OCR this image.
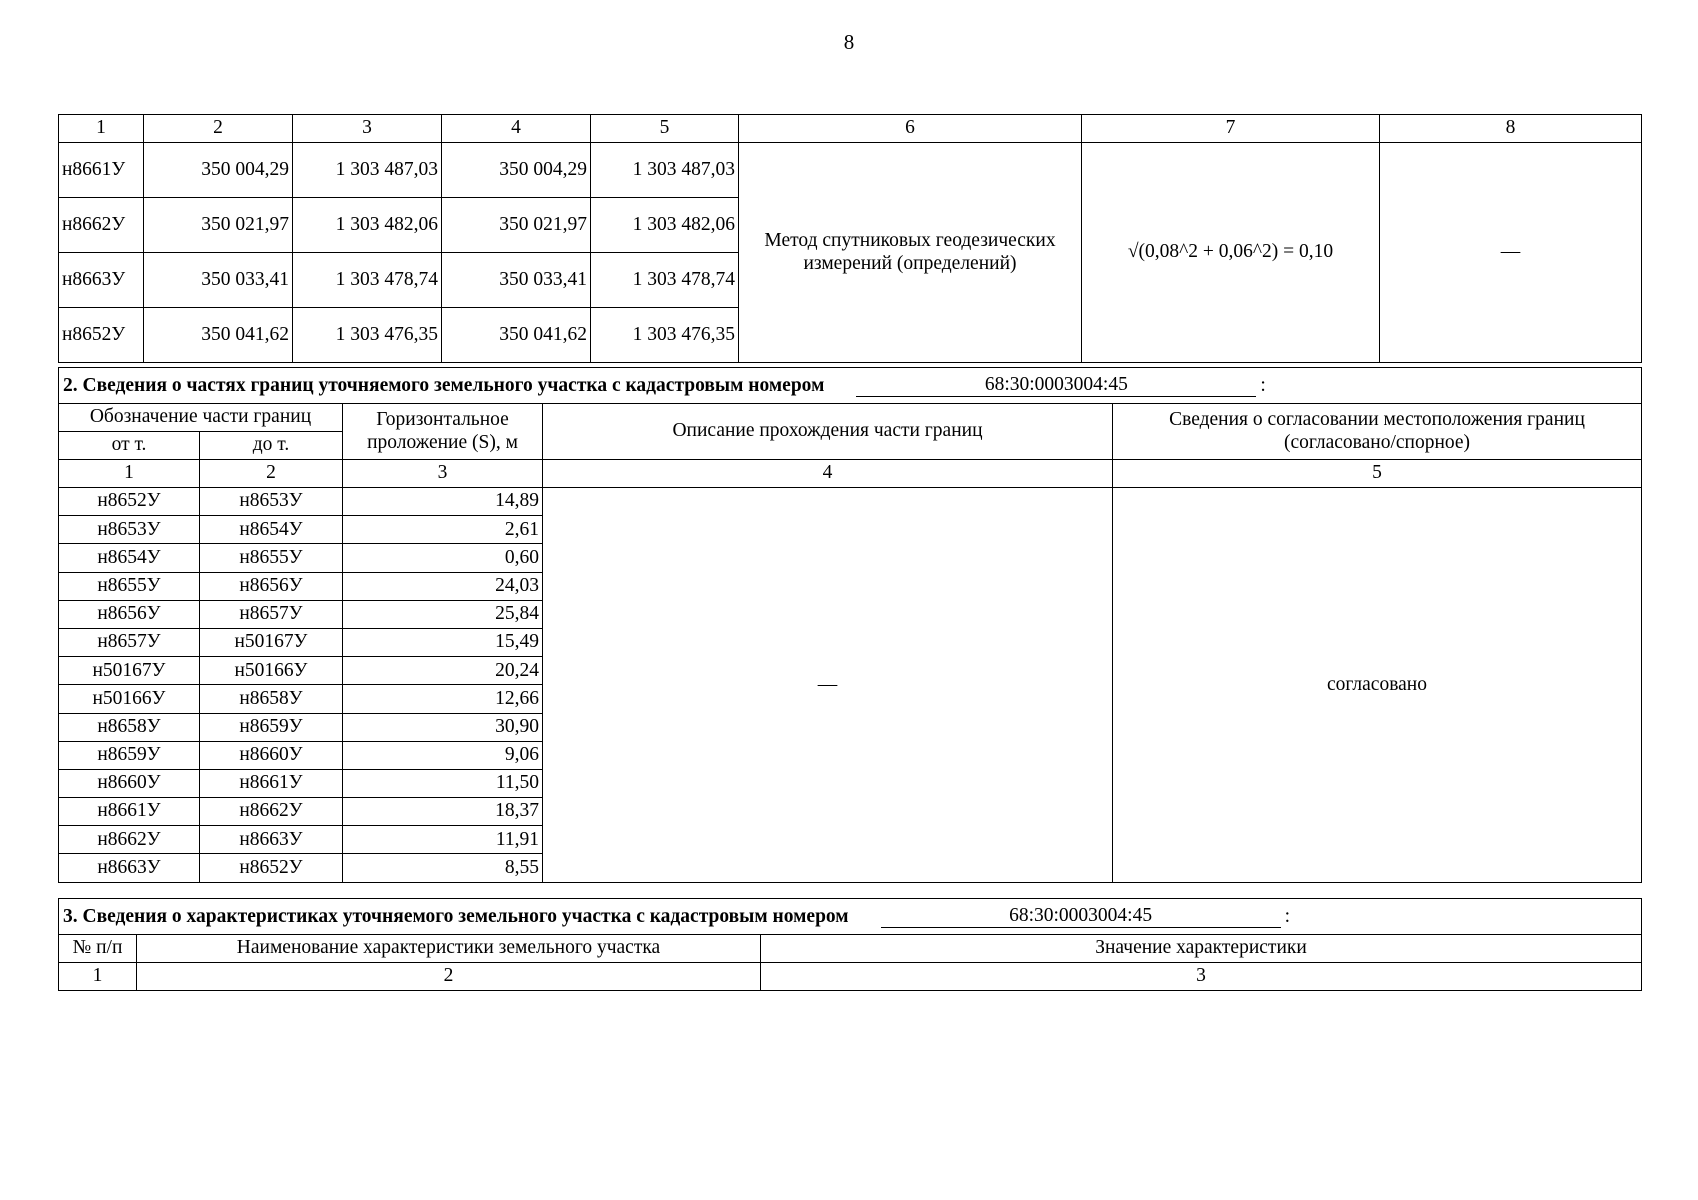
8
1	2	3	4	5	6	7	8
н8661У	350 004,29	1 303 487,03	350 004,29	1 303 487,03	Метод спутниковых геодезических измерений (определений)	√(0,08^2 + 0,06^2) = 0,10	—
н8662У	350 021,97	1 303 482,06	350 021,97	1 303 482,06			
н8663У	350 033,41	1 303 478,74	350 033,41	1 303 478,74			
н8652У	350 041,62	1 303 476,35	350 041,62	1 303 476,35			
2. Сведения о частях границ уточняемого земельного участка с кадастровым номером 68:30:0003004:45 :				
Обозначение части границ		Горизонтальное проложение (S), м	Описание прохождения части границ	Сведения о согласовании местоположения границ (согласовано/спорное)
от т.	до т.			
1	2	3	4	5
н8652У	н8653У	14,89	—	согласовано
н8653У	н8654У	2,61		
н8654У	н8655У	0,60		
н8655У	н8656У	24,03		
н8656У	н8657У	25,84		
н8657У	н50167У	15,49		
н50167У	н50166У	20,24		
н50166У	н8658У	12,66		
н8658У	н8659У	30,90		
н8659У	н8660У	9,06		
н8660У	н8661У	11,50		
н8661У	н8662У	18,37		
н8662У	н8663У	11,91		
н8663У	н8652У	8,55		
3. Сведения о характеристиках уточняемого земельного участка с кадастровым номером 68:30:0003004:45 :		
№ п/п	Наименование характеристики земельного участка	Значение характеристики
1	2	3
